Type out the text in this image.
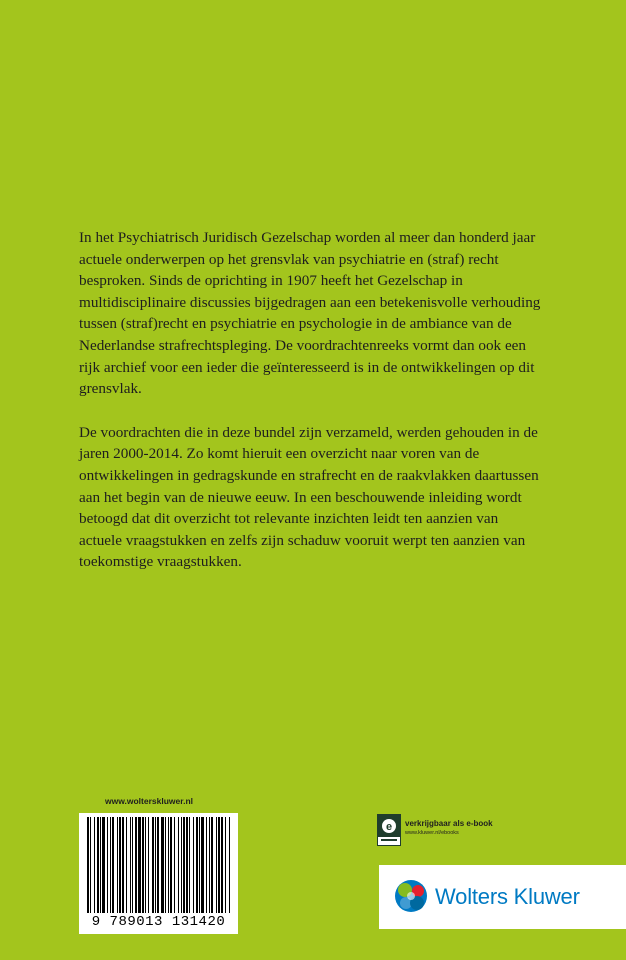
In het Psychiatrisch Juridisch Gezelschap worden al meer dan honderd jaar actuele onderwerpen op het grensvlak van psychiatrie en (straf) recht besproken. Sinds de oprichting in 1907 heeft het Gezelschap in multidisciplinaire discussies bijgedragen aan een betekenisvolle verhouding tussen (straf)recht en psychiatrie en psychologie in de ambiance van de Nederlandse strafrechtspleging. De voordrachtenreeks vormt dan ook een rijk archief voor een ieder die geïnteresseerd is in de ontwikkelingen op dit grensvlak.

De voordrachten die in deze bundel zijn verzameld, werden gehouden in de jaren 2000-2014. Zo komt hieruit een overzicht naar voren van de ontwikkelingen in gedragskunde en strafrecht en de raakvlakken daartussen aan het begin van de nieuwe eeuw. In een beschouwende inleiding wordt betoogd dat dit overzicht tot relevante inzichten leidt ten aanzien van actuele vraagstukken en zelfs zijn schaduw vooruit werpt ten aanzien van toekomstige vraagstukken.

www.wolterskluwer.nl
9 789013 131420
e verkrijgbaar als e-book
www.kluwer.nl/ebooks
Wolters Kluwer
